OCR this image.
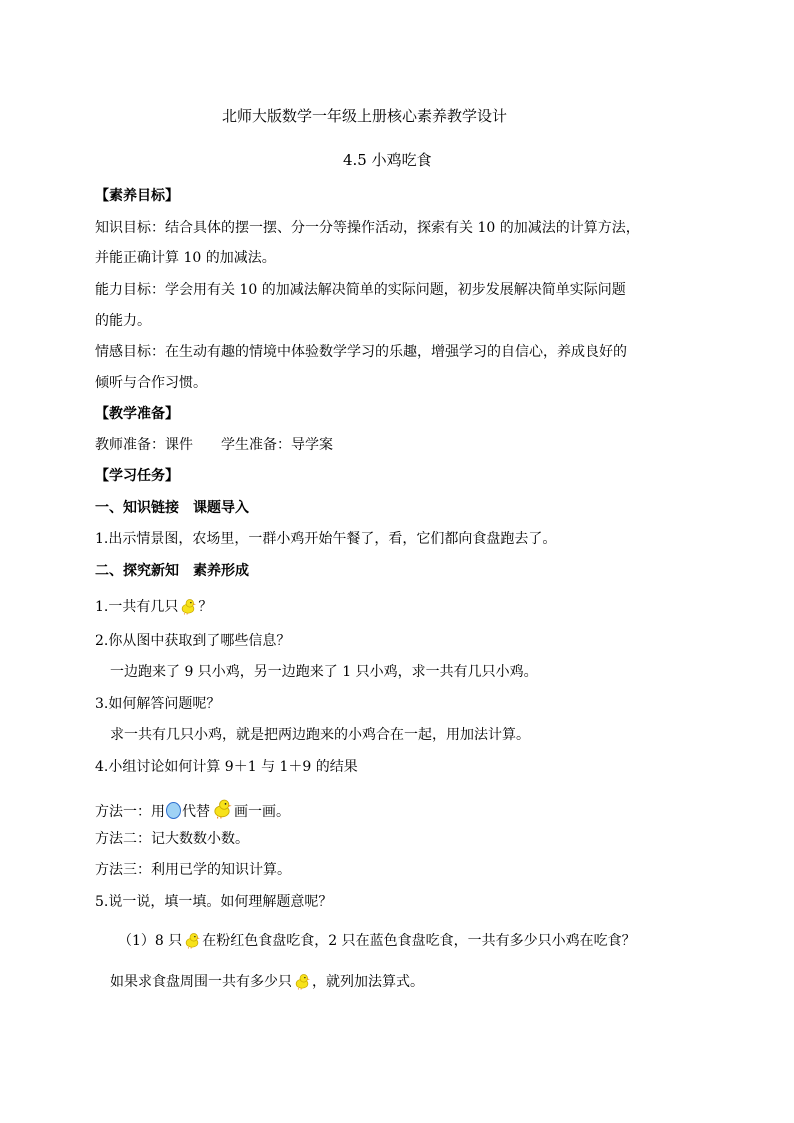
北师大版数学一年级上册核心素养教学设计
4.5 小鸡吃食
【素养目标】
知识目标：结合具体的摆一摆、分一分等操作活动，探索有关 10 的加减法的计算方法，
并能正确计算 10 的加减法。
能力目标：学会用有关 10 的加减法解决简单的实际问题，初步发展解决简单实际问题
的能力。
情感目标：在生动有趣的情境中体验数学学习的乐趣，增强学习的自信心，养成良好的
倾听与合作习惯。
【教学准备】
教师准备：课件　　学生准备：导学案
【学习任务】
一、知识链接　课题导入
1.出示情景图，农场里，一群小鸡开始午餐了，看，它们都向食盘跑去了。
二、探究新知　素养形成
1.一共有几只 ？
2.你从图中获取到了哪些信息？
一边跑来了 9 只小鸡，另一边跑来了 1 只小鸡，求一共有几只小鸡。
3.如何解答问题呢？
求一共有几只小鸡，就是把两边跑来的小鸡合在一起，用加法计算。
4.小组讨论如何计算 9＋1 与 1＋9 的结果
方法一：用 代替 画一画。
方法二：记大数数小数。
方法三：利用已学的知识计算。
5.说一说，填一填。如何理解题意呢？
（1）8 只 在粉红色食盘吃食，2 只在蓝色食盘吃食，一共有多少只小鸡在吃食？
如果求食盘周围一共有多少只 ，就列加法算式。
